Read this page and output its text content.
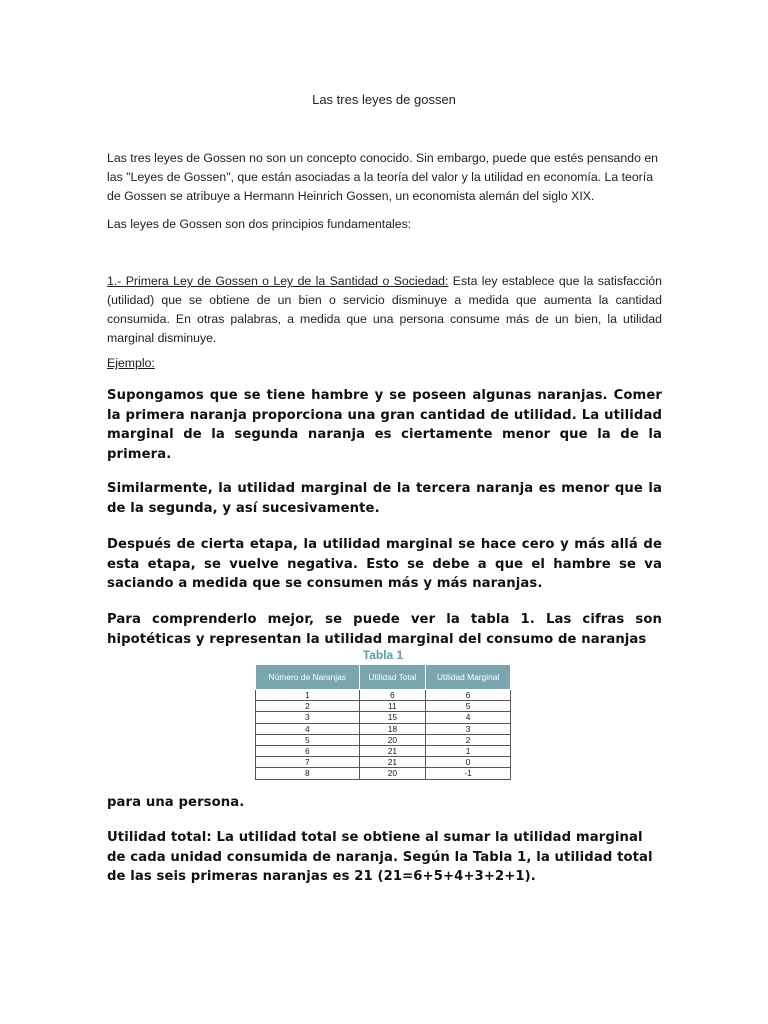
Las tres leyes de gossen
Las tres leyes de Gossen no son un concepto conocido. Sin embargo, puede que estés pensando en las "Leyes de Gossen", que están asociadas a la teoría del valor y la utilidad en economía. La teoría de Gossen se atribuye a Hermann Heinrich Gossen, un economista alemán del siglo XIX.
Las leyes de Gossen son dos principios fundamentales:
1.- Primera Ley de Gossen o Ley de la Santidad o Sociedad: Esta ley establece que la satisfacción (utilidad) que se obtiene de un bien o servicio disminuye a medida que aumenta la cantidad consumida. En otras palabras, a medida que una persona consume más de un bien, la utilidad marginal disminuye.
Ejemplo:
Supongamos que se tiene hambre y se poseen algunas naranjas. Comer la primera naranja proporciona una gran cantidad de utilidad. La utilidad marginal de la segunda naranja es ciertamente menor que la de la primera.
Similarmente, la utilidad marginal de la tercera naranja es menor que la de la segunda, y así sucesivamente.
Después de cierta etapa, la utilidad marginal se hace cero y más allá de esta etapa, se vuelve negativa. Esto se debe a que el hambre se va saciando a medida que se consumen más y más naranjas.
Para comprenderlo mejor, se puede ver la tabla 1. Las cifras son hipotéticas y representan la utilidad marginal del consumo de naranjas
Tabla 1
Número de Naranjas	Utilidad Total	Utilidad Marginal
1	6	6
2	11	5
3	15	4
4	18	3
5	20	2
6	21	1
7	21	0
8	20	-1
para una persona.
Utilidad total: La utilidad total se obtiene al sumar la utilidad marginal de cada unidad consumida de naranja. Según la Tabla 1, la utilidad total de las seis primeras naranjas es 21 (21=6+5+4+3+2+1).
